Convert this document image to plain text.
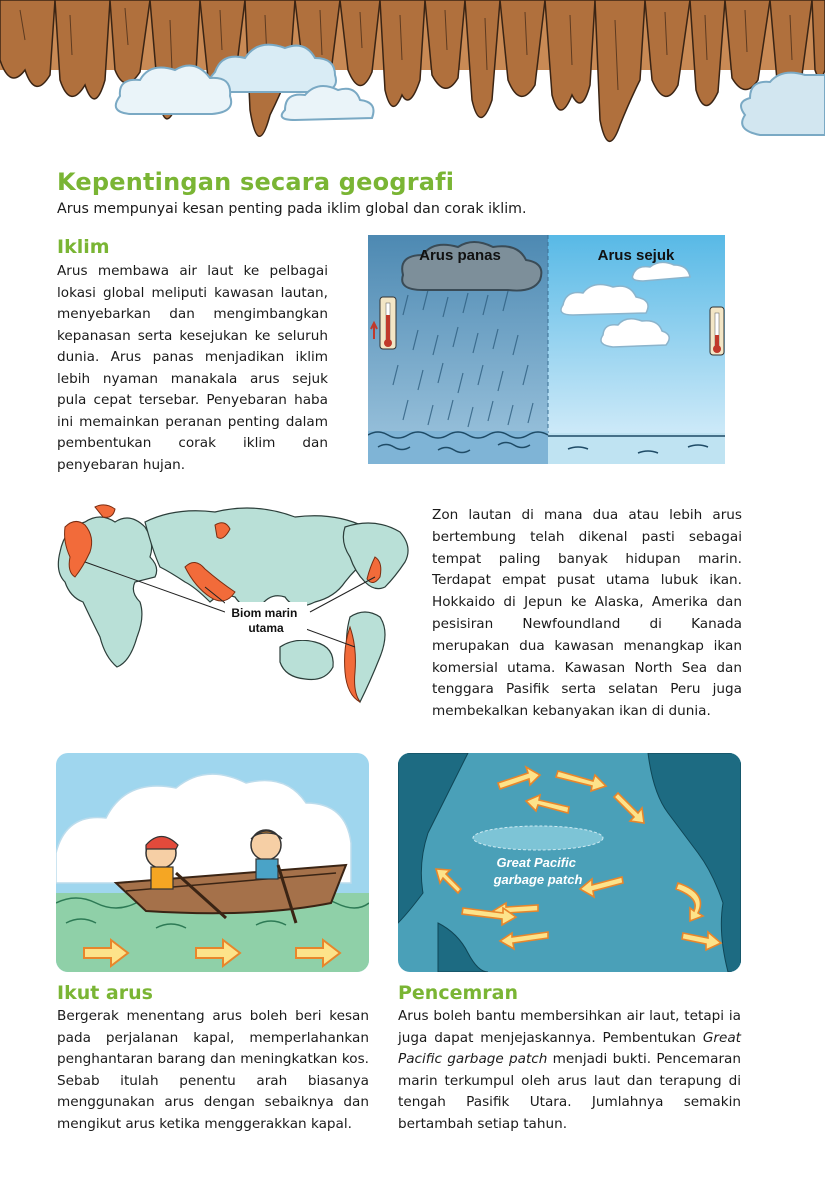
Kepentingan secara geografi

Arus mempunyai kesan penting pada iklim global dan corak iklim.

Iklim

Arus membawa air laut ke pelbagai lokasi global meliputi kawasan lautan, menyebarkan dan mengimbangkan kepanasan serta kesejukan ke seluruh dunia. Arus panas menjadikan iklim lebih nyaman manakala arus sejuk pula cepat tersebar. Penyebaran haba ini memainkan peranan penting dalam pembentukan corak iklim dan penyebaran hujan.

Arus panas	Arus sejuk
Biom marin utama

Zon lautan di mana dua atau lebih arus bertembung telah dikenal pasti sebagai tempat paling banyak hidupan marin. Terdapat empat pusat utama lubuk ikan. Hokkaido di Jepun ke Alaska, Amerika dan pesisiran Newfoundland di Kanada merupakan dua kawasan menangkap ikan komersial utama. Kawasan North Sea dan tenggara Pasifik serta selatan Peru juga membekalkan kebanyakan ikan di dunia.

Great Pacific garbage patch
Ikut arus

Bergerak menentang arus boleh beri kesan pada perjalanan kapal, memperlahankan penghantaran barang dan meningkatkan kos. Sebab itulah penentu arah biasanya menggunakan arus dengan sebaiknya dan mengikut arus ketika menggerakkan kapal.

Pencemran

Arus boleh bantu membersihkan air laut, tetapi ia juga dapat menjejaskannya. Pembentukan Great Pacific garbage patch menjadi bukti. Pencemaran marin terkumpul oleh arus laut dan terapung di tengah Pasifik Utara. Jumlahnya semakin bertambah setiap tahun.
